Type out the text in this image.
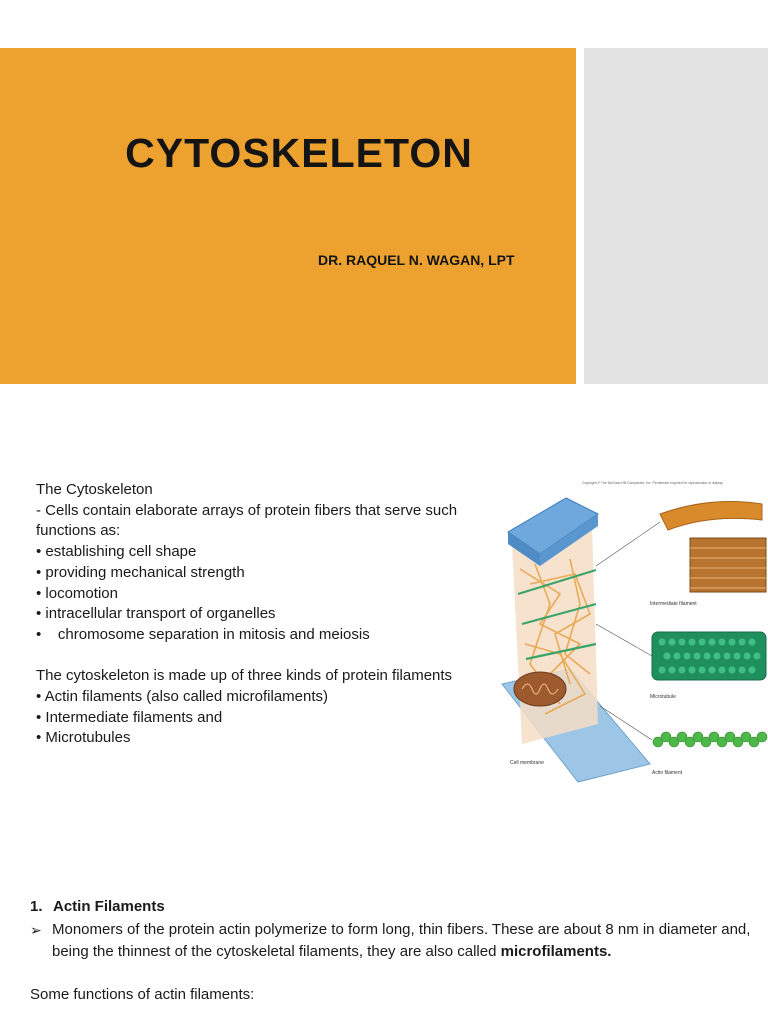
CYTOSKELETON
DR. RAQUEL N. WAGAN, LPT
The Cytoskeleton
- Cells contain elaborate arrays of protein fibers that serve such
functions as:
• establishing cell shape
• providing mechanical strength
• locomotion
• intracellular transport of organelles
•    chromosome separation in mitosis and meiosis
The cytoskeleton is made up of three kinds of protein filaments
• Actin filaments (also called microfilaments)
• Intermediate filaments and
• Microtubules
Copyright © The McGraw-Hill Companies, Inc. Permission required for reproduction or display.
Intermediate filament
Microtubule
Actin filament
Cell membrane
1. Actin Filaments
➢ Monomers of the protein actin polymerize to form long, thin fibers. These are about 8 nm in diameter and, being the thinnest of the cytoskeletal filaments, they are also called microfilaments.
Some functions of actin filaments:
